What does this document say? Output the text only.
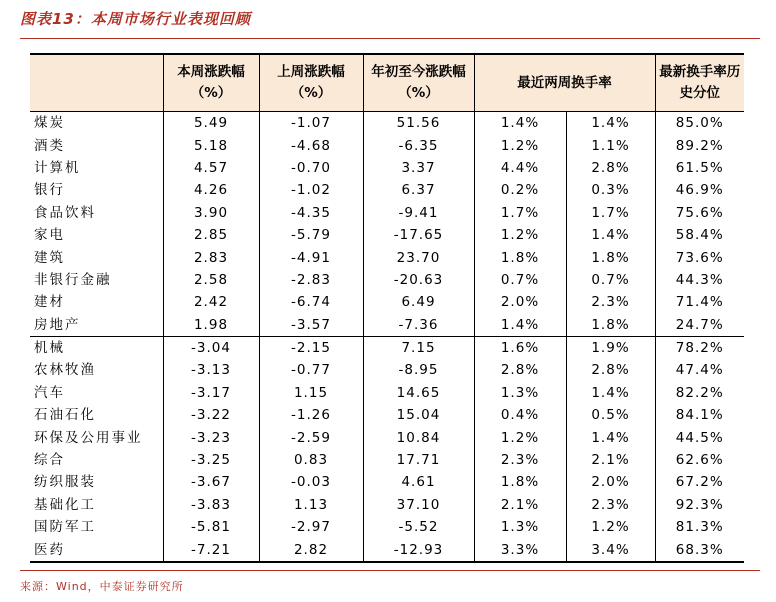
图表13：本周市场行业表现回顾
	本周涨跌幅（%）	上周涨跌幅（%）	年初至今涨跌幅（%）	最近两周换手率		最新换手率历史分位
煤炭	5.49	-1.07	51.56	1.4%	1.4%	85.0%
酒类	5.18	-4.68	-6.35	1.2%	1.1%	89.2%
计算机	4.57	-0.70	3.37	4.4%	2.8%	61.5%
银行	4.26	-1.02	6.37	0.2%	0.3%	46.9%
食品饮料	3.90	-4.35	-9.41	1.7%	1.7%	75.6%
家电	2.85	-5.79	-17.65	1.2%	1.4%	58.4%
建筑	2.83	-4.91	23.70	1.8%	1.8%	73.6%
非银行金融	2.58	-2.83	-20.63	0.7%	0.7%	44.3%
建材	2.42	-6.74	6.49	2.0%	2.3%	71.4%
房地产	1.98	-3.57	-7.36	1.4%	1.8%	24.7%
机械	-3.04	-2.15	7.15	1.6%	1.9%	78.2%
农林牧渔	-3.13	-0.77	-8.95	2.8%	2.8%	47.4%
汽车	-3.17	1.15	14.65	1.3%	1.4%	82.2%
石油石化	-3.22	-1.26	15.04	0.4%	0.5%	84.1%
环保及公用事业	-3.23	-2.59	10.84	1.2%	1.4%	44.5%
综合	-3.25	0.83	17.71	2.3%	2.1%	62.6%
纺织服装	-3.67	-0.03	4.61	1.8%	2.0%	67.2%
基础化工	-3.83	1.13	37.10	2.1%	2.3%	92.3%
国防军工	-5.81	-2.97	-5.52	1.3%	1.2%	81.3%
医药	-7.21	2.82	-12.93	3.3%	3.4%	68.3%
来源：Wind，中泰证券研究所
